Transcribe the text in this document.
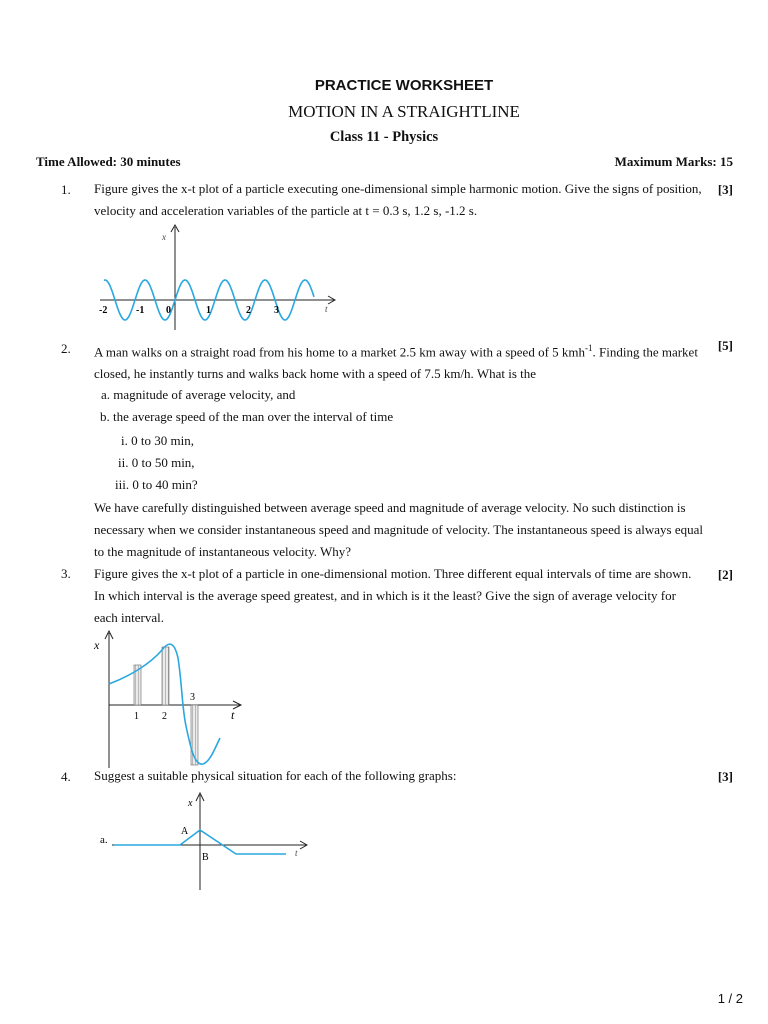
PRACTICE WORKSHEET
MOTION IN A STRAIGHTLINE
Class 11 - Physics
Time Allowed: 30 minutes	Maximum Marks: 15
1. Figure gives the x-t plot of a particle executing one-dimensional simple harmonic motion. Give the signs of position, velocity and acceleration variables of the particle at t = 0.3 s, 1.2 s, -1.2 s.
[3]
x
t
-2	-1 0	1	2 3
2. A man walks on a straight road from his home to a market 2.5 km away with a speed of 5 kmh$^{-1}$. Finding the market closed, he instantly turns and walks back home with a speed of 7.5 km/h. What is the
[5]
a. magnitude of average velocity, and
b. the average speed of the man over the interval of time
i. 0 to 30 min,
ii. 0 to 50 min,
iii. 0 to 40 min?
We have carefully distinguished between average speed and magnitude of average velocity. No such distinction is necessary when we consider instantaneous speed and magnitude of velocity. The instantaneous speed is always equal to the magnitude of instantaneous velocity. Why?
3. Figure gives the x-t plot of a particle in one-dimensional motion. Three different equal intervals of time are shown. In which interval is the average speed greatest, and in which is it the least? Give the sign of average velocity for each interval.
[2]
x
t
1 2
3
4. Suggest a suitable physical situation for each of the following graphs:	[3]
a.
x
t
A
B
1 / 2
